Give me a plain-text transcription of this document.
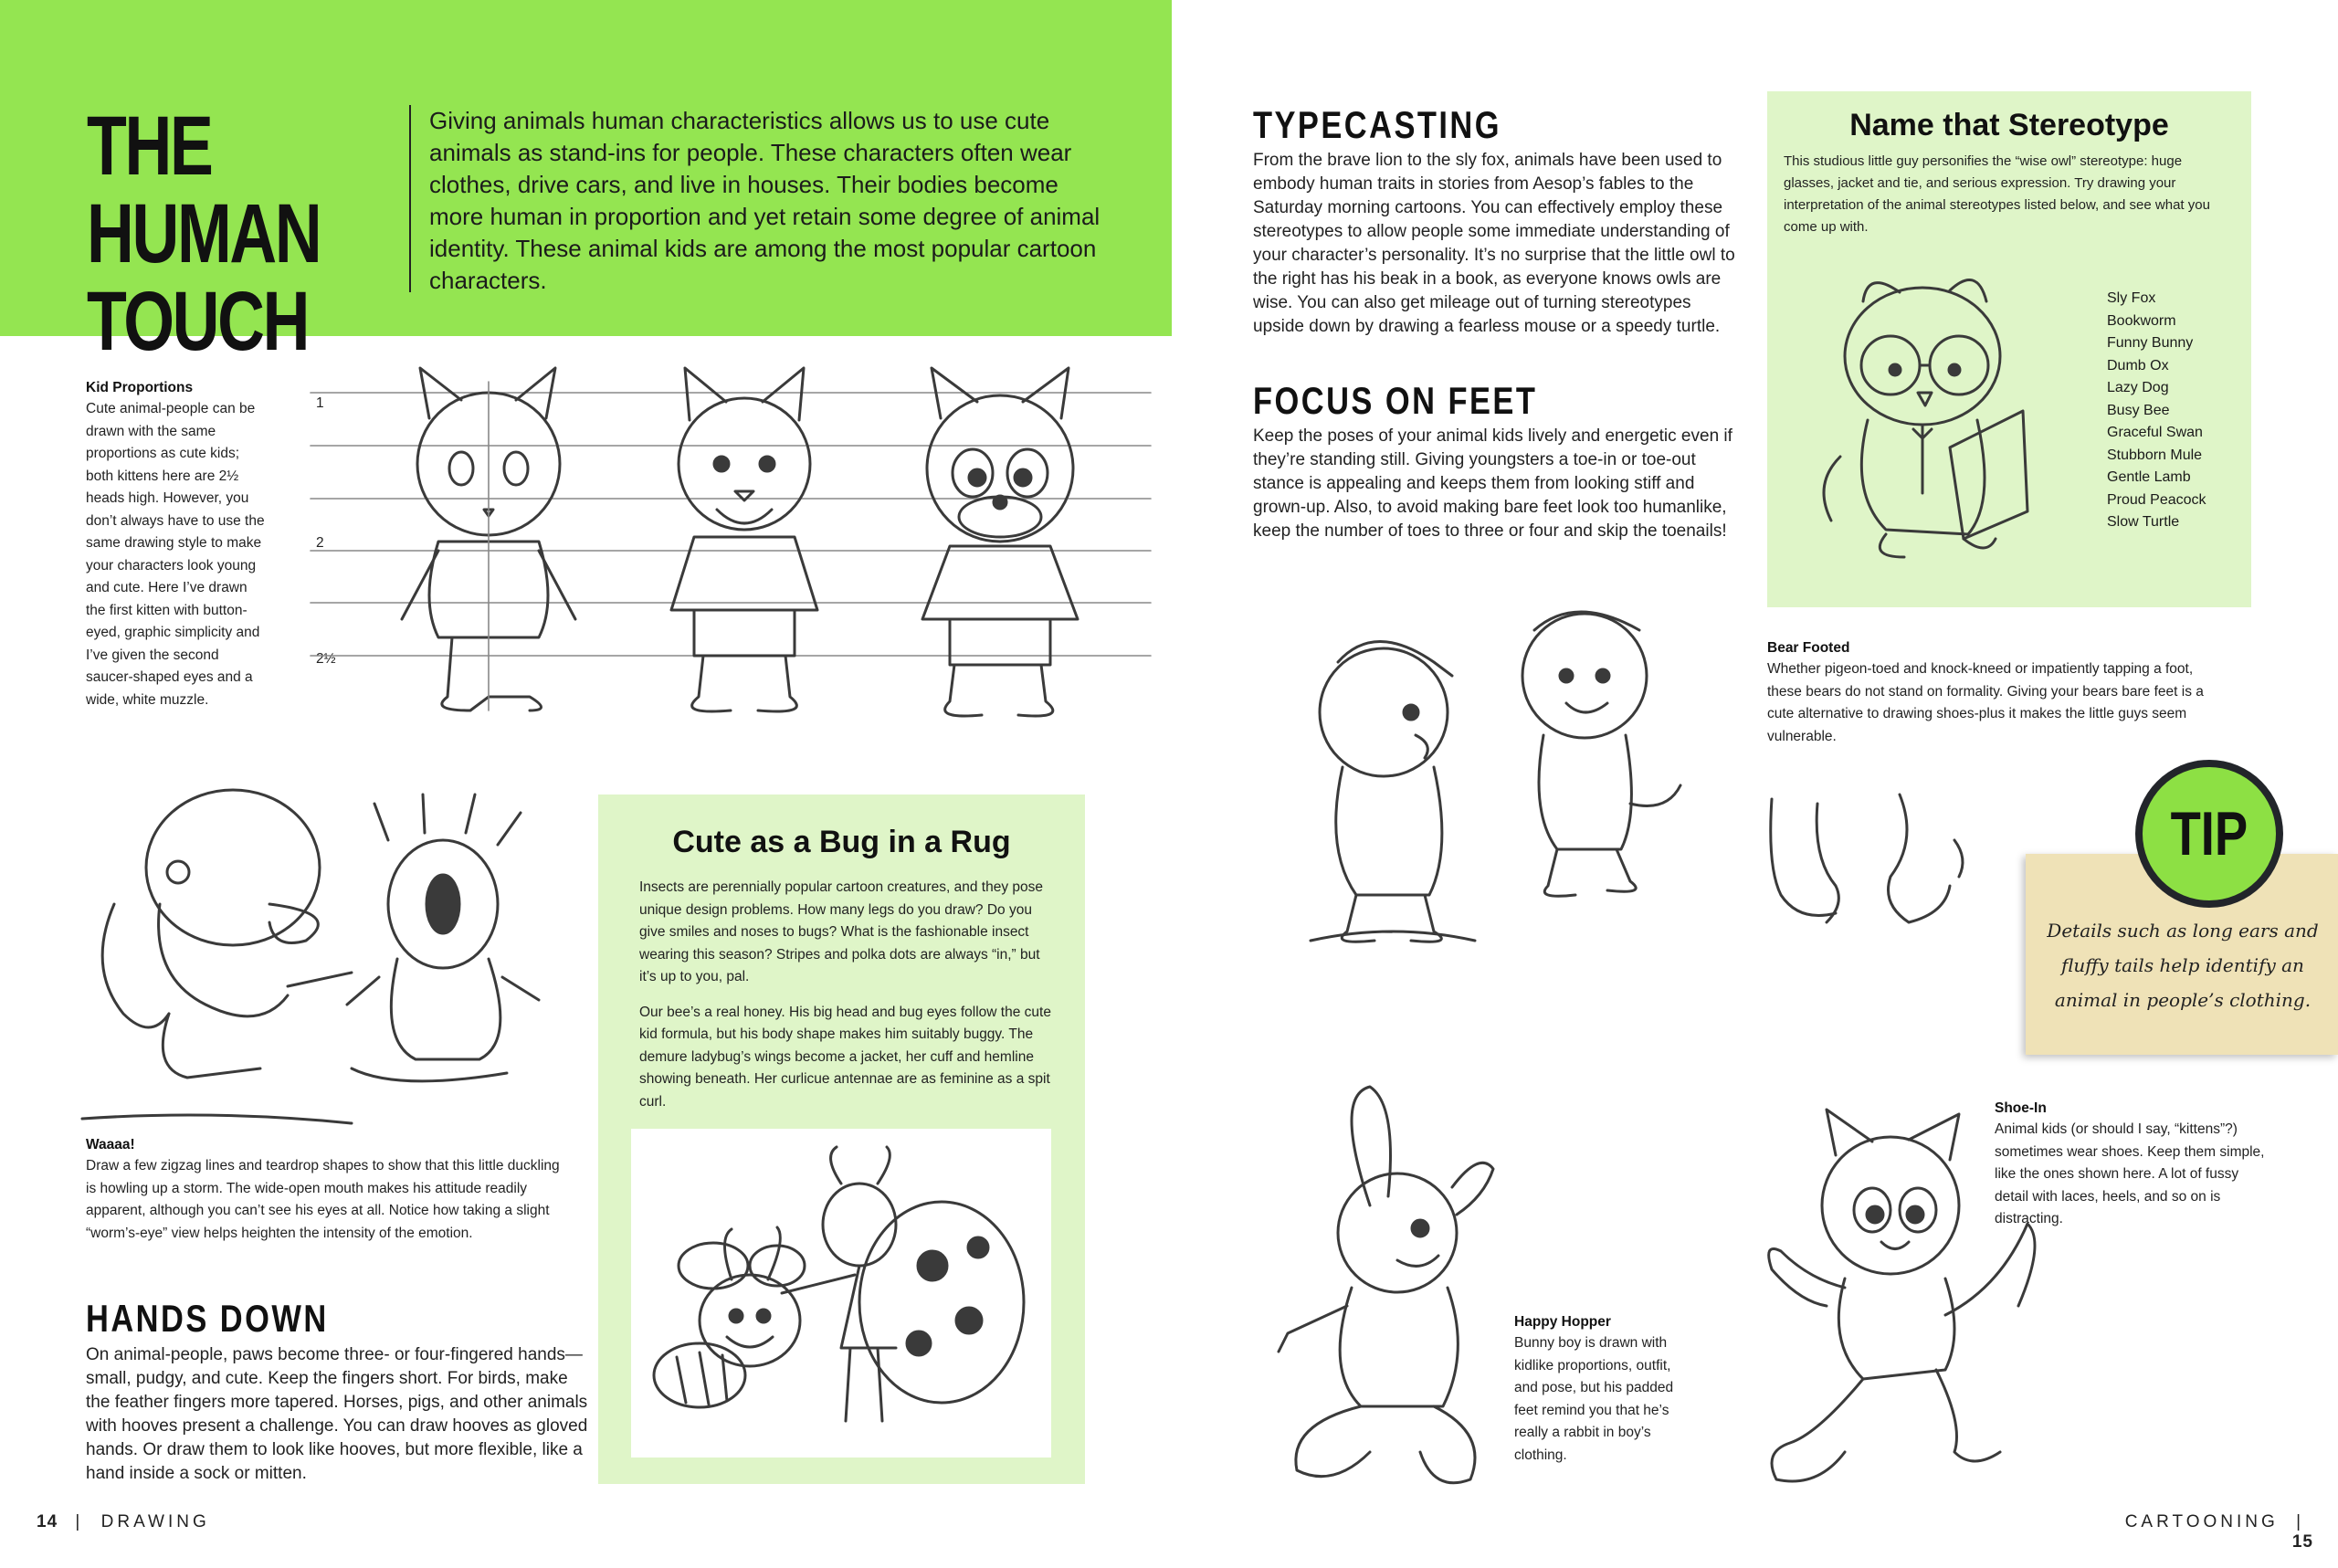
THE HUMAN
TOUCH
Giving animals human characteristics allows us to use cute animals as stand-ins for people. These characters often wear clothes, drive cars, and live in houses. Their bodies become more human in proportion and yet retain some degree of animal identity. These animal kids are among the most popular cartoon characters.
Kid Proportions
Cute animal-people can be drawn with the same proportions as cute kids; both kittens here are 2½ heads high. However, you don’t always have to use the same drawing style to make your characters look young and cute. Here I’ve drawn the first kitten with button-eyed, graphic simplicity and I’ve given the second saucer-shaped eyes and a wide, white muzzle.
1
2
2½
Waaaa!
Draw a few zigzag lines and teardrop shapes to show that this little duckling is howling up a storm. The wide-open mouth makes his attitude readily apparent, although you can’t see his eyes at all. Notice how taking a slight “worm’s-eye” view helps heighten the intensity of the emotion.
HANDS DOWN
On animal-people, paws become three- or four-fingered hands—small, pudgy, and cute. Keep the fingers short. For birds, make the feather fingers more tapered. Horses, pigs, and other animals with hooves present a challenge. You can draw hooves as gloved hands. Or draw them to look like hooves, but more flexible, like a hand inside a sock or mitten.
Cute as a Bug in a Rug

Insects are perennially popular cartoon creatures, and they pose unique design problems. How many legs do you draw? Do you give smiles and noses to bugs? What is the fashionable insect wearing this season? Stripes and polka dots are always “in,” but it’s up to you, pal.

Our bee’s a real honey. His big head and bug eyes follow the cute kid formula, but his body shape makes him suitably buggy. The demure ladybug’s wings become a jacket, her cuff and hemline showing beneath. Her curlicue antennae are as feminine as a spit curl.

14 | DRAWING
TYPECASTING
From the brave lion to the sly fox, animals have been used to embody human traits in stories from Aesop’s fables to the Saturday morning cartoons. You can effectively employ these stereotypes to allow people some immediate understanding of your character’s personality. It’s no surprise that the little owl to the right has his beak in a book, as everyone knows owls are wise. You can also get mileage out of turning stereotypes upside down by drawing a fearless mouse or a speedy turtle.
FOCUS ON FEET
Keep the poses of your animal kids lively and energetic even if they’re standing still. Giving youngsters a toe-in or toe-out stance is appealing and keeps them from looking stiff and grown-up. Also, to avoid making bare feet look too humanlike, keep the number of toes to three or four and skip the toenails!
Name that Stereotype
This studious little guy personifies the “wise owl” stereotype: huge glasses, jacket and tie, and serious expression. Try drawing your interpretation of the animal stereotypes listed below, and see what you come up with.
Sly Fox
Bookworm
Funny Bunny
Dumb Ox
Lazy Dog
Busy Bee
Graceful Swan
Stubborn Mule
Gentle Lamb
Proud Peacock
Slow Turtle
Bear Footed
Whether pigeon-toed and knock-kneed or impatiently tapping a foot, these bears do not stand on formality. Giving your bears bare feet is a cute alternative to drawing shoes-plus it makes the little guys seem vulnerable.
TIP
Details such as long ears and fluffy tails help identify an animal in people’s clothing.
Happy Hopper
Bunny boy is drawn with kidlike proportions, outfit, and pose, but his padded feet remind you that he’s really a rabbit in boy’s clothing.
Shoe-In
Animal kids (or should I say, “kittens”?) sometimes wear shoes. Keep them simple, like the ones shown here. A lot of fussy detail with laces, heels, and so on is distracting.
CARTOONING | 15
